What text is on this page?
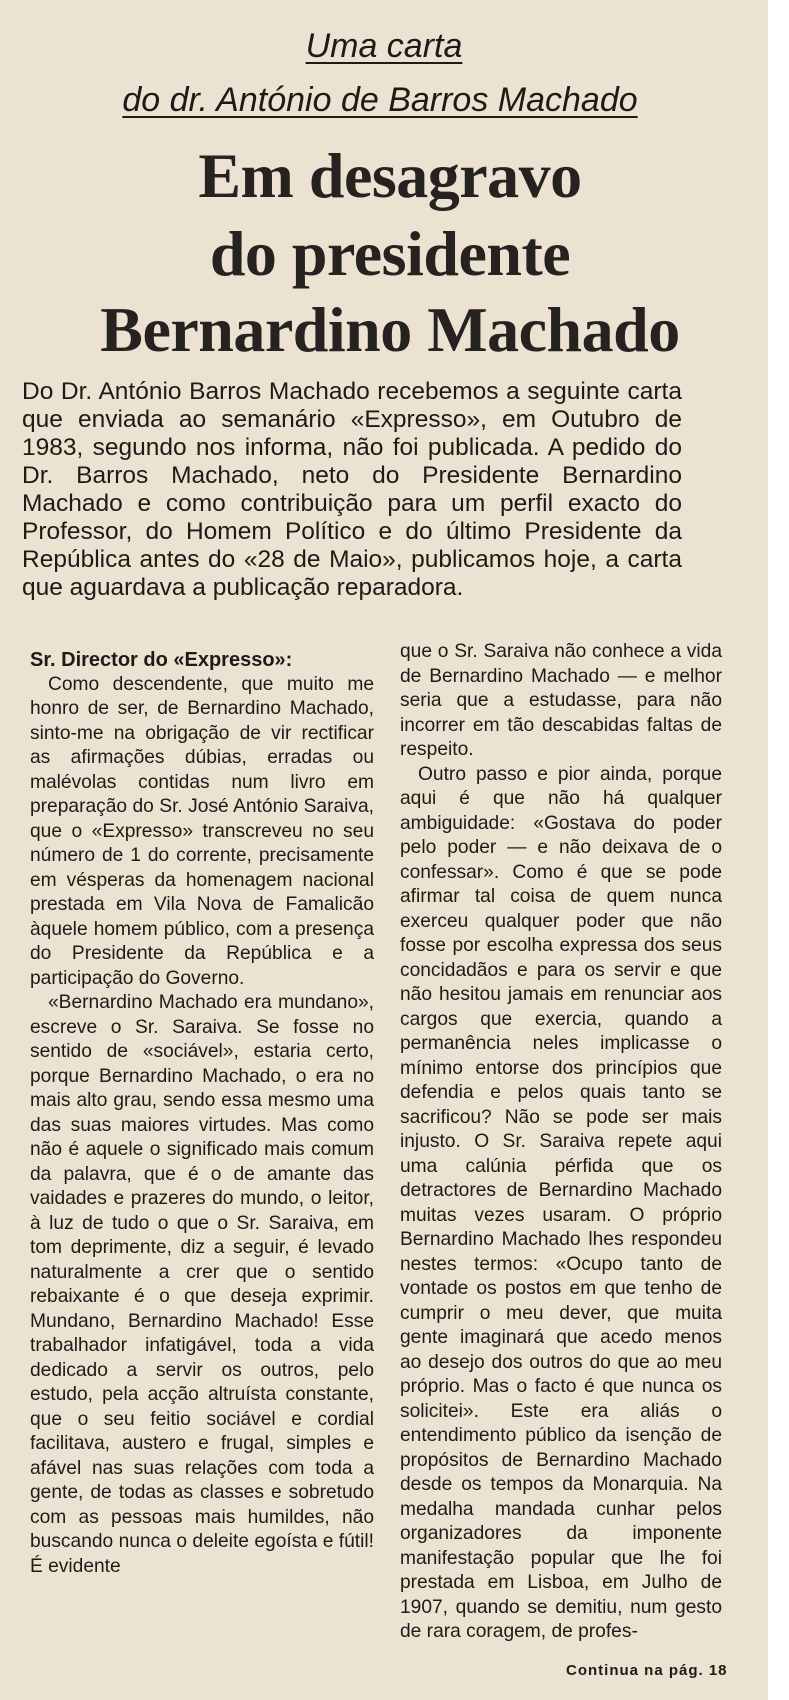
Uma carta
do dr. António de Barros Machado
Em desagravo
do presidente
Bernardino Machado
Do Dr. António Barros Machado recebemos a seguinte carta que enviada ao semanário «Expresso», em Outubro de 1983, segundo nos informa, não foi publicada. A pedido do Dr. Barros Machado, neto do Presidente Bernardino Machado e como contribuição para um perfil exacto do Professor, do Homem Político e do último Presidente da República antes do «28 de Maio», publicamos hoje, a carta que aguardava a publicação reparadora.
Sr. Director do «Expresso»:

Como descendente, que muito me honro de ser, de Bernardino Machado, sinto-me na obrigação de vir rectificar as afirmações dúbias, erradas ou malévolas contidas num livro em preparação do Sr. José António Saraiva, que o «Expresso» transcreveu no seu número de 1 do corrente, precisamente em vésperas da homenagem nacional prestada em Vila Nova de Famalicão àquele homem público, com a presença do Presidente da República e a participação do Governo.

«Bernardino Machado era mundano», escreve o Sr. Saraiva. Se fosse no sentido de «sociável», estaria certo, porque Bernardino Machado, o era no mais alto grau, sendo essa mesmo uma das suas maiores virtudes. Mas como não é aquele o significado mais comum da palavra, que é o de amante das vaidades e prazeres do mundo, o leitor, à luz de tudo o que o Sr. Saraiva, em tom deprimente, diz a seguir, é levado naturalmente a crer que o sentido rebaixante é o que deseja exprimir. Mundano, Bernardino Machado! Esse trabalhador infatigável, toda a vida dedicado a servir os outros, pelo estudo, pela acção altruísta constante, que o seu feitio sociável e cordial facilitava, austero e frugal, simples e afável nas suas relações com toda a gente, de todas as classes e sobretudo com as pessoas mais humildes, não buscando nunca o deleite egoísta e fútil! É evidente

que o Sr. Saraiva não conhece a vida de Bernardino Machado — e melhor seria que a estudasse, para não incorrer em tão descabidas faltas de respeito.

Outro passo e pior ainda, porque aqui é que não há qualquer ambiguidade: «Gostava do poder pelo poder — e não deixava de o confessar». Como é que se pode afirmar tal coisa de quem nunca exerceu qualquer poder que não fosse por escolha expressa dos seus concidadãos e para os servir e que não hesitou jamais em renunciar aos cargos que exercia, quando a permanência neles implicasse o mínimo entorse dos princípios que defendia e pelos quais tanto se sacrificou? Não se pode ser mais injusto. O Sr. Saraiva repete aqui uma calúnia pérfida que os detractores de Bernardino Machado muitas vezes usaram. O próprio Bernardino Machado lhes respondeu nestes termos: «Ocupo tanto de vontade os postos em que tenho de cumprir o meu dever, que muita gente imaginará que acedo menos ao desejo dos outros do que ao meu próprio. Mas o facto é que nunca os solicitei». Este era aliás o entendimento público da isenção de propósitos de Bernardino Machado desde os tempos da Monarquia. Na medalha mandada cunhar pelos organizadores da imponente manifestação popular que lhe foi prestada em Lisboa, em Julho de 1907, quando se demitiu, num gesto de rara coragem, de profes-

Continua na pág. 18
